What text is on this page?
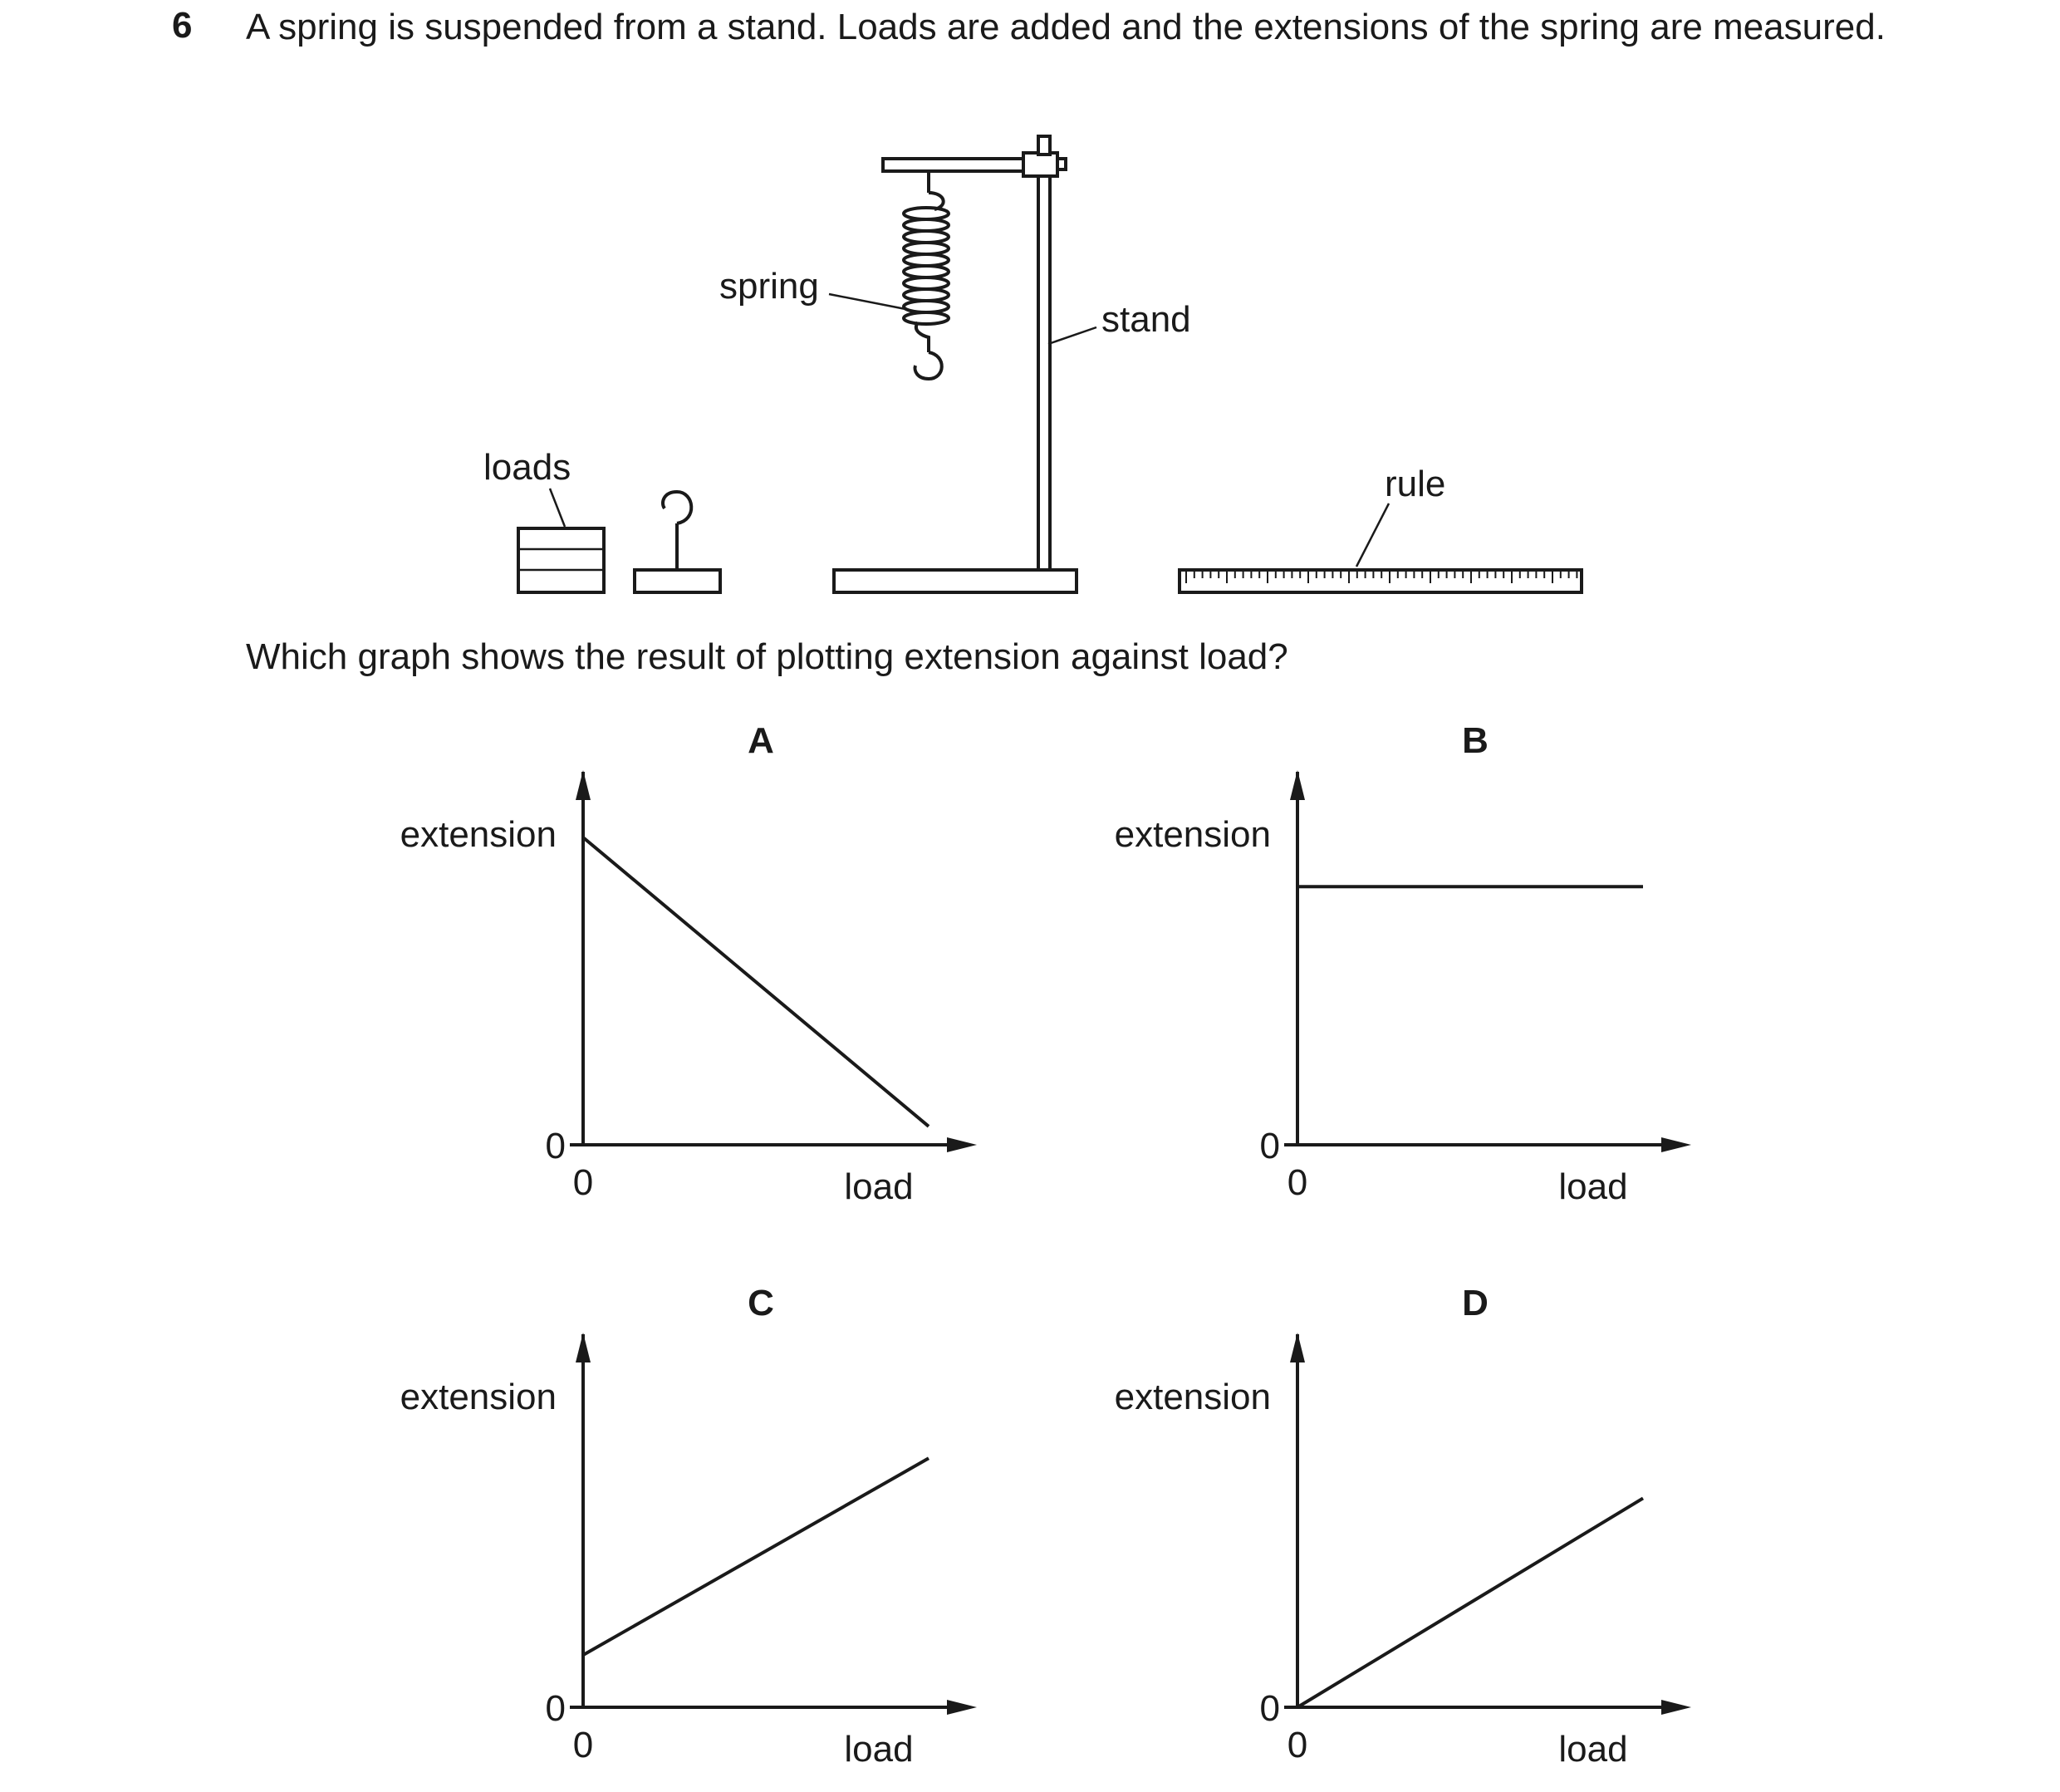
6 A spring is suspended from a stand. Loads are added and the extensions of the spring are measured.
spring
stand
loads	rule
Which graph shows the result of plotting extension against load?
A
extension
load
0
0
B
extension
load
0
0
C
extension
load
0
0
D
extension
load
0
0
